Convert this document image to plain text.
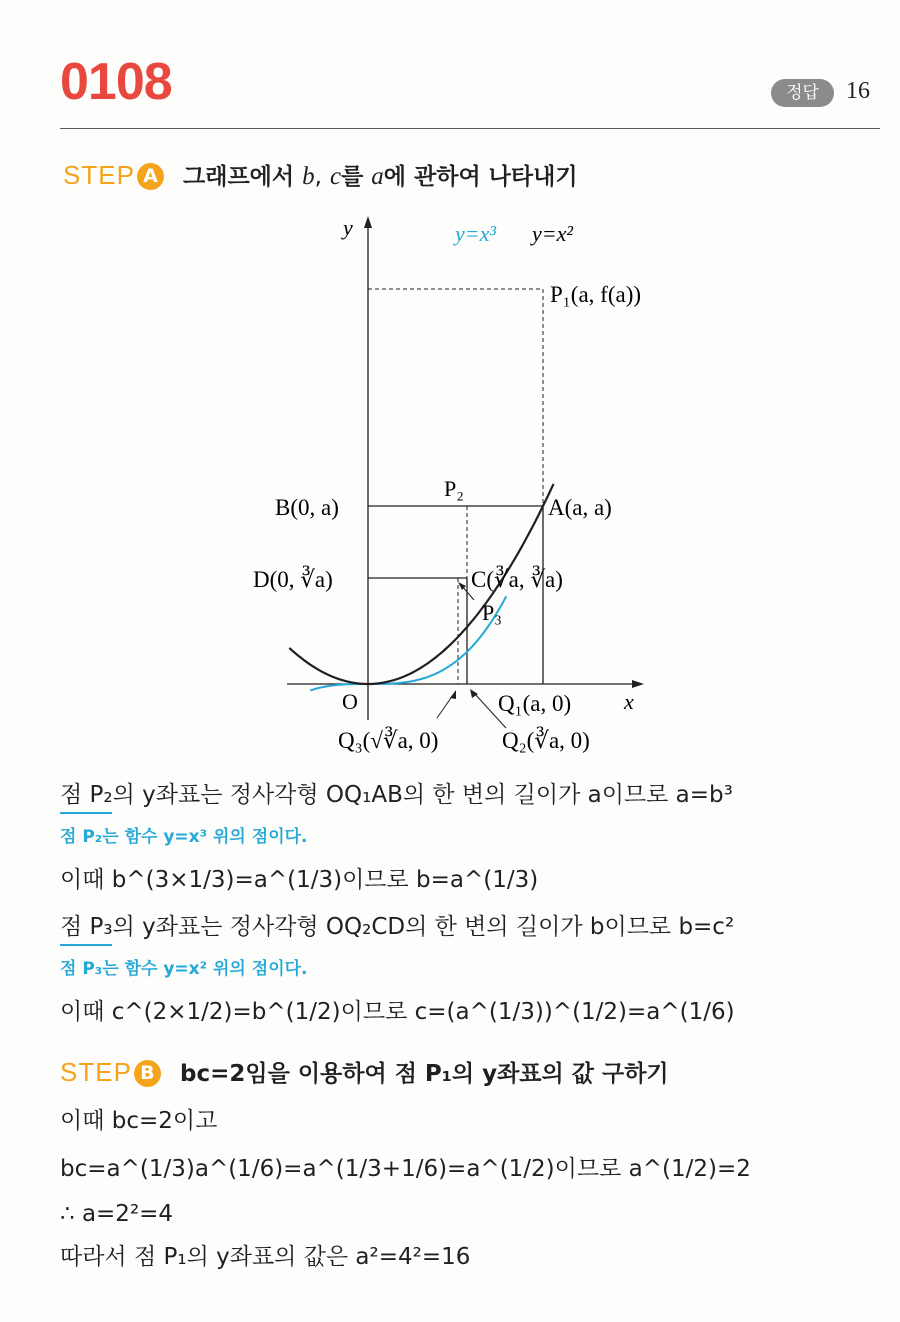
0108	정답	16
STEP A 그래프에서 b, c를 a에 관하여 나타내기
y
x
O
y=x³ y=x²
P₁(a, f(a))
B(0, a)	A(a, a)
P₂
D(0, ∛a)	C(∛a, ∛a)
P₃
Q₁(a, 0)
Q₃(√∛a, 0)	Q₂(∛a, 0)
점 P₂의 y좌표는 정사각형 OQ₁AB의 한 변의 길이가 a이므로 a=b³
점 P₂는 함수 y=x³ 위의 점이다.
이때 b^(3×1/3)=a^(1/3)이므로 b=a^(1/3)
점 P₃의 y좌표는 정사각형 OQ₂CD의 한 변의 길이가 b이므로 b=c²
점 P₃는 함수 y=x² 위의 점이다.
이때 c^(2×1/2)=b^(1/2)이므로 c=(a^(1/3))^(1/2)=a^(1/6)
STEP B bc=2임을 이용하여 점 P₁의 y좌표의 값 구하기
이때 bc=2이고
bc=a^(1/3)a^(1/6)=a^(1/3+1/6)=a^(1/2)이므로 a^(1/2)=2
∴ a=2²=4
따라서 점 P₁의 y좌표의 값은 a²=4²=16
